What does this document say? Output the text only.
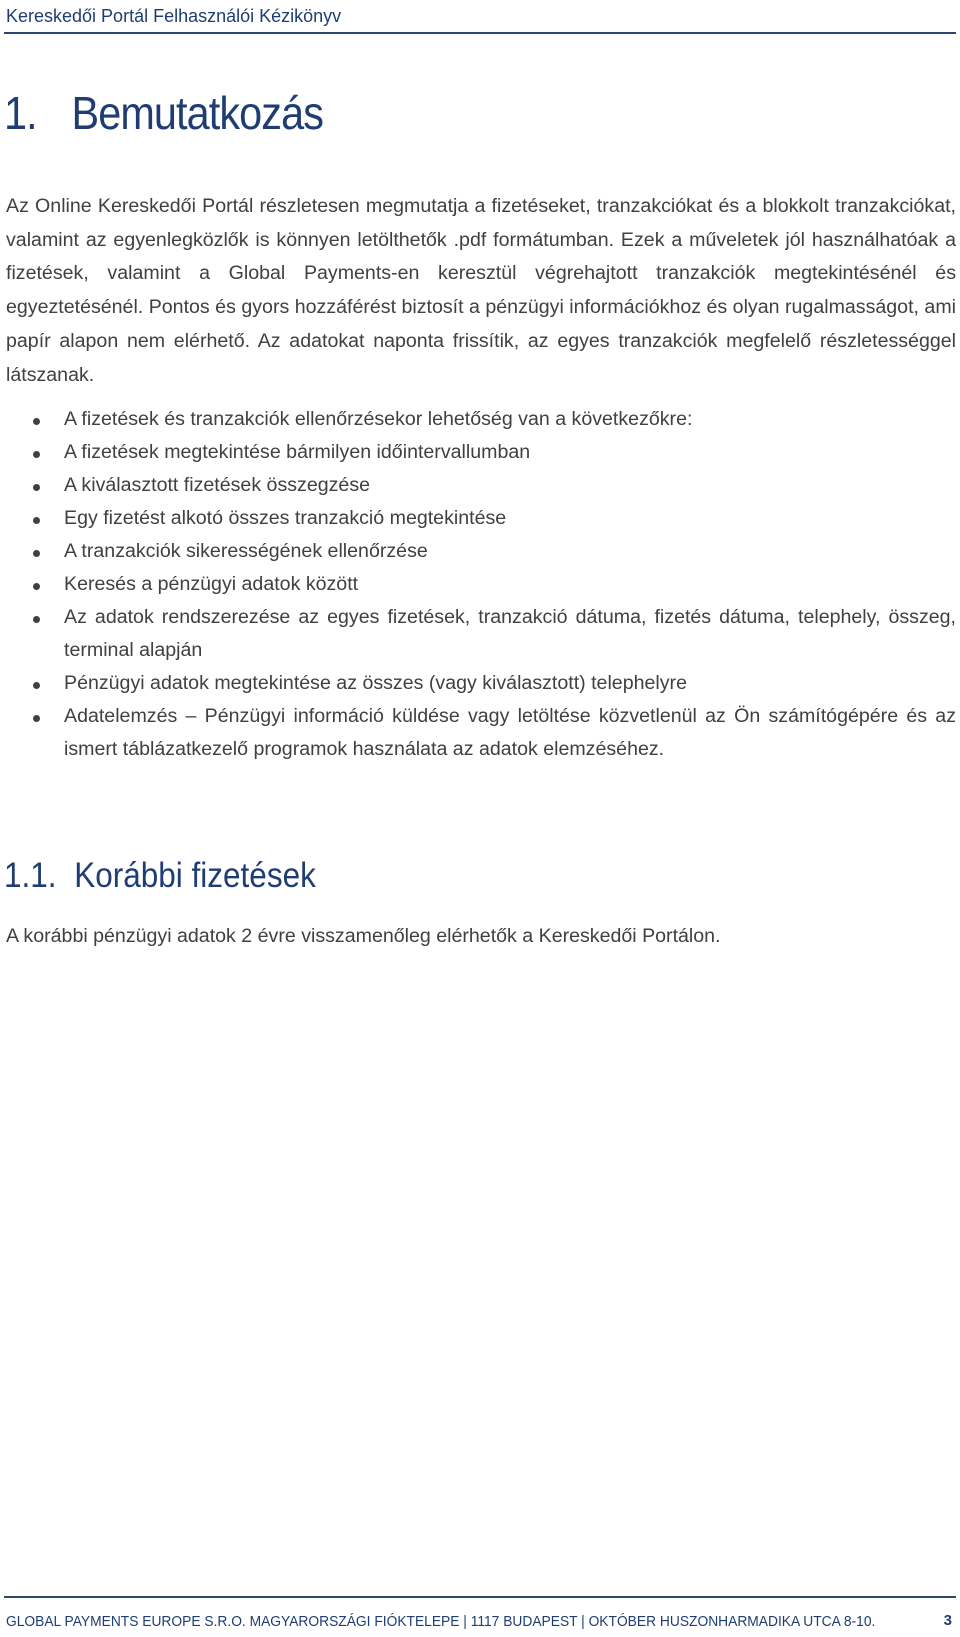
Kereskedői Portál Felhasználói Kézikönyv
1. Bemutatkozás

Az Online Kereskedői Portál részletesen megmutatja a fizetéseket, tranzakciókat és a blokkolt tranzakciókat, valamint az egyenlegközlők is könnyen letölthetők .pdf formátumban. Ezek a műveletek jól használhatóak a fizetések, valamint a Global Payments-en keresztül végrehajtott tranzakciók megtekintésénél és egyeztetésénél. Pontos és gyors hozzáférést biztosít a pénzügyi információkhoz és olyan rugalmasságot, ami papír alapon nem elérhető. Az adatokat naponta frissítik, az egyes tranzakciók megfelelő részletességgel látszanak.

A fizetések és tranzakciók ellenőrzésekor lehetőség van a következőkre:
A fizetések megtekintése bármilyen időintervallumban
A kiválasztott fizetések összegzése
Egy fizetést alkotó összes tranzakció megtekintése
A tranzakciók sikerességének ellenőrzése
Keresés a pénzügyi adatok között
Az adatok rendszerezése az egyes fizetések, tranzakció dátuma, fizetés dátuma, telephely, összeg, terminal alapján
Pénzügyi adatok megtekintése az összes (vagy kiválasztott) telephelyre
Adatelemzés – Pénzügyi információ küldése vagy letöltése közvetlenül az Ön számítógépére és az ismert táblázatkezelő programok használata az adatok elemzéséhez.
1.1. Korábbi fizetések

A korábbi pénzügyi adatok 2 évre visszamenőleg elérhetők a Kereskedői Portálon.

GLOBAL PAYMENTS EUROPE S.R.O. MAGYARORSZÁGI FIÓKTELEPE | 1117 BUDAPEST | OKTÓBER HUSZONHARMADIKA UTCA 8-10.	3
